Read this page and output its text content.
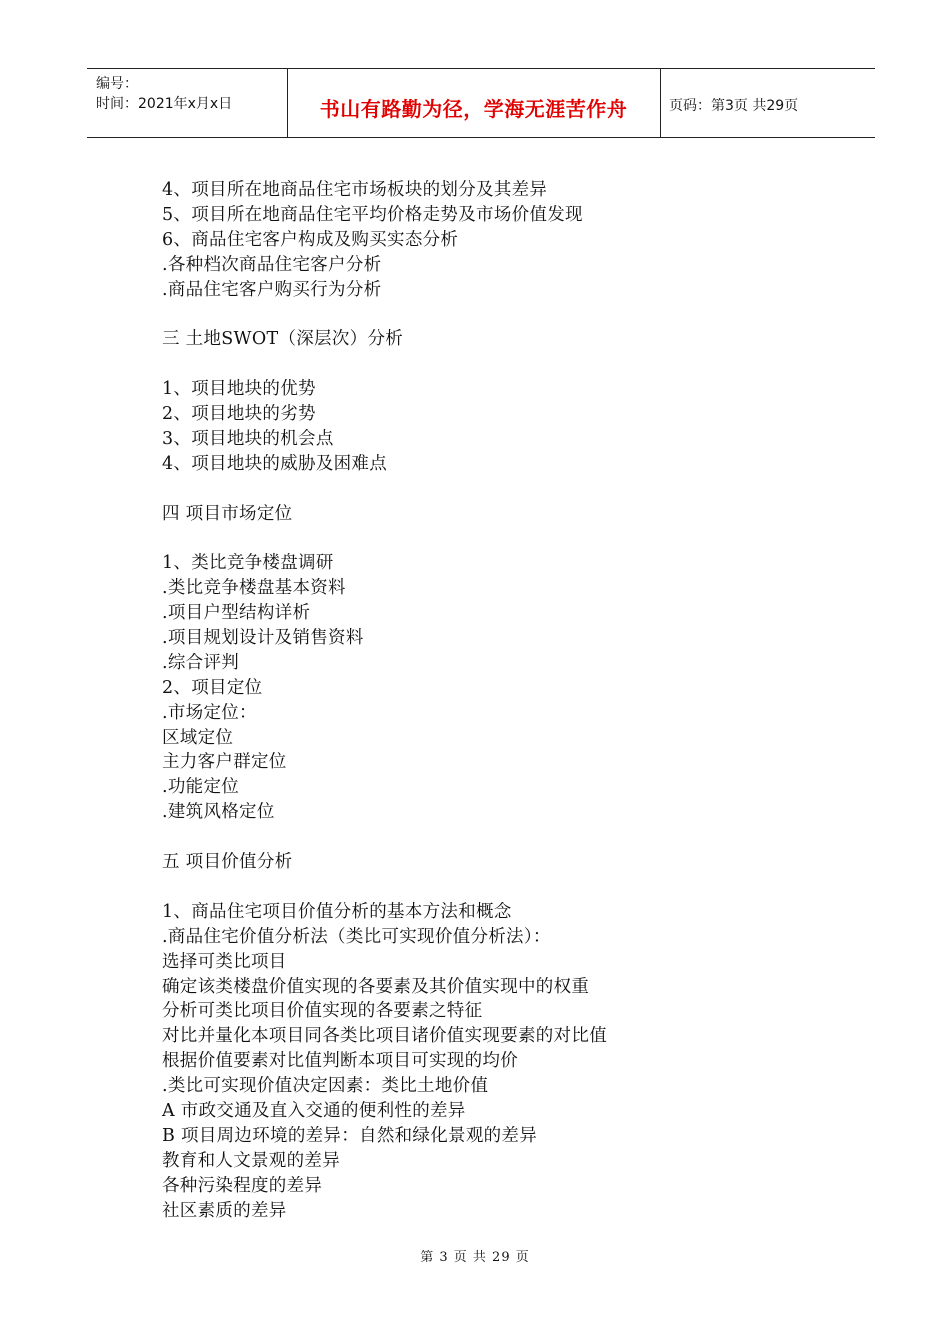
编号：
时间：2021年x月x日	书山有路勤为径，学海无涯苦作舟	页码：第3页 共29页
4、项目所在地商品住宅市场板块的划分及其差异
5、项目所在地商品住宅平均价格走势及市场价值发现
6、商品住宅客户构成及购买实态分析
.各种档次商品住宅客户分析
.商品住宅客户购买行为分析
三 土地SWOT（深层次）分析
1、项目地块的优势
2、项目地块的劣势
3、项目地块的机会点
4、项目地块的威胁及困难点
四 项目市场定位
1、类比竞争楼盘调研
.类比竞争楼盘基本资料
.项目户型结构详析
.项目规划设计及销售资料
.综合评判
2、项目定位
.市场定位：
区域定位
主力客户群定位
.功能定位
.建筑风格定位
五 项目价值分析
1、商品住宅项目价值分析的基本方法和概念
.商品住宅价值分析法（类比可实现价值分析法）：
选择可类比项目
确定该类楼盘价值实现的各要素及其价值实现中的权重
分析可类比项目价值实现的各要素之特征
对比并量化本项目同各类比项目诸价值实现要素的对比值
根据价值要素对比值判断本项目可实现的均价
.类比可实现价值决定因素：类比土地价值
A 市政交通及直入交通的便利性的差异
B 项目周边环境的差异：自然和绿化景观的差异
教育和人文景观的差异
各种污染程度的差异
社区素质的差异
第 3 页 共 29 页
